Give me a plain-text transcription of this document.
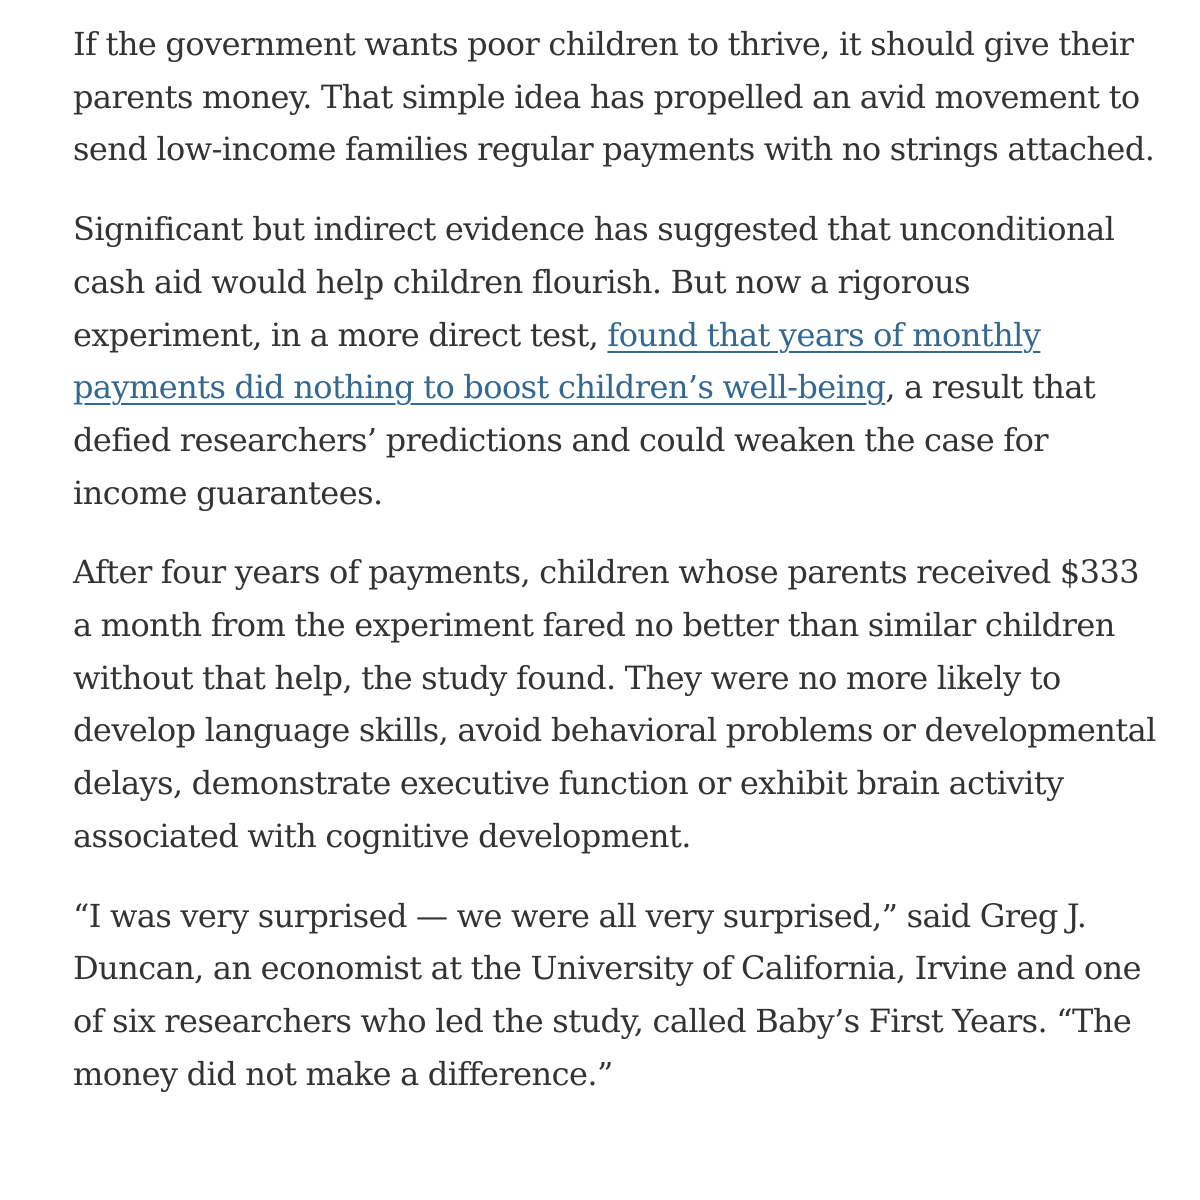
If the government wants poor children to thrive, it should give their parents money. That simple idea has propelled an avid movement to send low-income families regular payments with no strings attached.

Significant but indirect evidence has suggested that unconditional cash aid would help children flourish. But now a rigorous experiment, in a more direct test, found that years of monthly payments did nothing to boost children’s well-being, a result that defied researchers’ predictions and could weaken the case for income guarantees.

After four years of payments, children whose parents received $333 a month from the experiment fared no better than similar children without that help, the study found. They were no more likely to develop language skills, avoid behavioral problems or developmental delays, demonstrate executive function or exhibit brain activity associated with cognitive development.

“I was very surprised — we were all very surprised,” said Greg J. Duncan, an economist at the University of California, Irvine and one of six researchers who led the study, called Baby’s First Years. “The money did not make a difference.”
